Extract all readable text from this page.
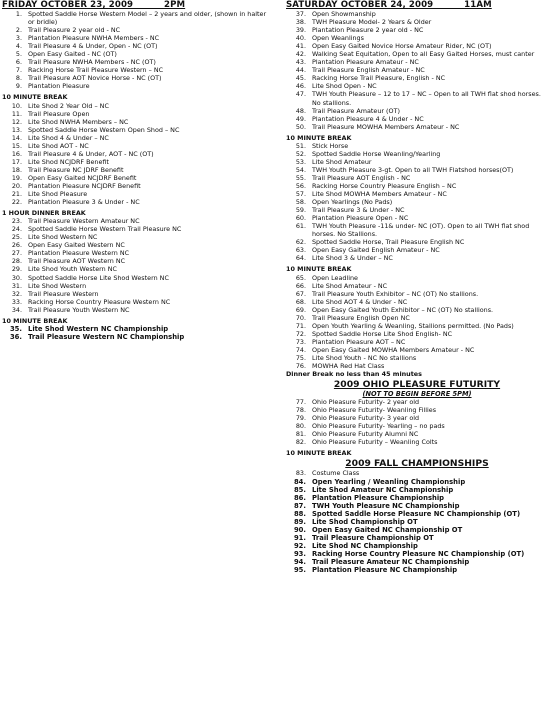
FRIDAY OCTOBER 23, 2009          2PM
1. Spotted Saddle Horse Western Model – 2 years and older, (shown in halter or bridle)
2. Trail Pleasure 2 year old - NC
3. Plantation Pleasure NWHA Members - NC
4. Trail Pleasure 4 & Under, Open - NC (OT)
5. Open Easy Gaited - NC (OT)
6. Trail Pleasure NWHA Members - NC (OT)
7. Racking Horse Trail Pleasure Western – NC
8. Trail Pleasure AOT Novice Horse - NC (OT)
9. Plantation Pleasure
10 MINUTE BREAK
10. Lite Shod 2 Year Old – NC
11. Trail Pleasure Open
12. Lite Shod NWHA Members – NC
13. Spotted Saddle Horse Western Open Shod – NC
14. Lite Shod 4 & Under – NC
15. Lite Shod AOT - NC
16. Trail Pleasure 4 & Under, AOT - NC (OT)
17. Lite Shod NCJDRF Benefit
18. Trail Pleasure NC JDRF Benefit
19. Open Easy Gaited NCJDRF Benefit
20. Plantation Pleasure NCJDRF Benefit
21. Lite Shod Pleasure
22. Plantation Pleasure 3 & Under - NC
1 HOUR DINNER BREAK
23. Trail Pleasure Western Amateur NC
24. Spotted Saddle Horse Western Trail Pleasure NC
25. Lite Shod Western NC
26. Open Easy Gaited Western NC
27. Plantation Pleasure Western NC
28. Trail Pleasure AOT Western NC
29. Lite Shod Youth Western NC
30. Spotted Saddle Horse Lite Shod Western NC
31. Lite Shod Western
32. Trail Pleasure Western
33. Racking Horse Country Pleasure Western NC
34. Trail Pleasure Youth Western NC
10 MINUTE BREAK
35. Lite Shod Western NC Championship
36. Trail Pleasure Western NC Championship
SATURDAY OCTOBER 24, 2009          11AM
37. Open Showmanship
38. TWH Pleasure Model- 2 Years & Older
39. Plantation Pleasure 2 year old - NC
40. Open Weanlings
41. Open Easy Gaited Novice Horse Amateur Rider, NC (OT)
42. Walking Seat Equitation, Open to all Easy Gaited Horses, must canter
43. Plantation Pleasure Amateur - NC
44. Trail Pleasure English Amateur - NC
45. Racking Horse Trail Pleasure, English - NC
46. Lite Shod Open - NC
47. TWH Youth Pleasure – 12 to 17 – NC – Open to all TWH flat shod horses. No stallions.
48. Trail Pleasure Amateur (OT)
49. Plantation Pleasure 4 & Under - NC
50. Trail Pleasure MOWHA Members Amateur - NC
10 MINUTE BREAK
51. Stick Horse
52. Spotted Saddle Horse Weanling/Yearling
53. Lite Shod Amateur
54. TWH Youth Pleasure 3-gt. Open to all TWH Flatshod horses(OT)
55. Trail Pleasure AOT English - NC
56. Racking Horse Country Pleasure English – NC
57. Lite Shod MOWHA Members Amateur - NC
58. Open Yearlings (No Pads)
59. Trail Pleasure 3 & Under - NC
60. Plantation Pleasure Open - NC
61. TWH Youth Pleasure -11& under- NC (OT). Open to all TWH flat shod horses. No Stallions.
62. Spotted Saddle Horse, Trail Pleasure English NC
63. Open Easy Gaited English Amateur - NC
64. Lite Shod 3 & Under – NC
10 MINUTE BREAK
65. Open Leadline
66. Lite Shod Amateur - NC
67. Trail Pleasure Youth Exhibitor – NC (OT) No stallions.
68. Lite Shod AOT 4 & Under - NC
69. Open Easy Gaited Youth Exhibitor – NC (OT) No stallions.
70. Trail Pleasure English Open NC
71. Open Youth Yearling & Weanling, Stallions permitted. (No Pads)
72. Spotted Saddle Horse Lite Shod English- NC
73. Plantation Pleasure AOT – NC
74. Open Easy Gaited MOWHA Members Amateur - NC
75. Lite Shod Youth - NC No stallions
76. MOWHA Red Hat Class
Dinner Break no less than 45 minutes
2009 OHIO PLEASURE FUTURITY
(NOT TO BEGIN BEFORE 5PM)
77. Ohio Pleasure Futurity- 2 year old
78. Ohio Pleasure Futurity- Weanling Fillies
79. Ohio Pleasure Futurity- 3 year old
80. Ohio Pleasure Futurity- Yearling – no pads
81. Ohio Pleasure Futurity Alumni NC
82. Ohio Pleasure Futurity – Weanling Colts
10 MINUTE BREAK
2009 FALL CHAMPIONSHIPS
83. Costume Class
84. Open Yearling / Weanling Championship
85. Lite Shod Amateur NC Championship
86. Plantation Pleasure Championship
87. TWH Youth Pleasure NC Championship
88. Spotted Saddle Horse Pleasure NC Championship (OT)
89. Lite Shod Championship OT
90. Open Easy Gaited NC Championship OT
91. Trail Pleasure Championship OT
92. Lite Shod NC Championship
93. Racking Horse Country Pleasure NC Championship (OT)
94. Trail Pleasure Amateur NC Championship
95. Plantation Pleasure NC Championship
